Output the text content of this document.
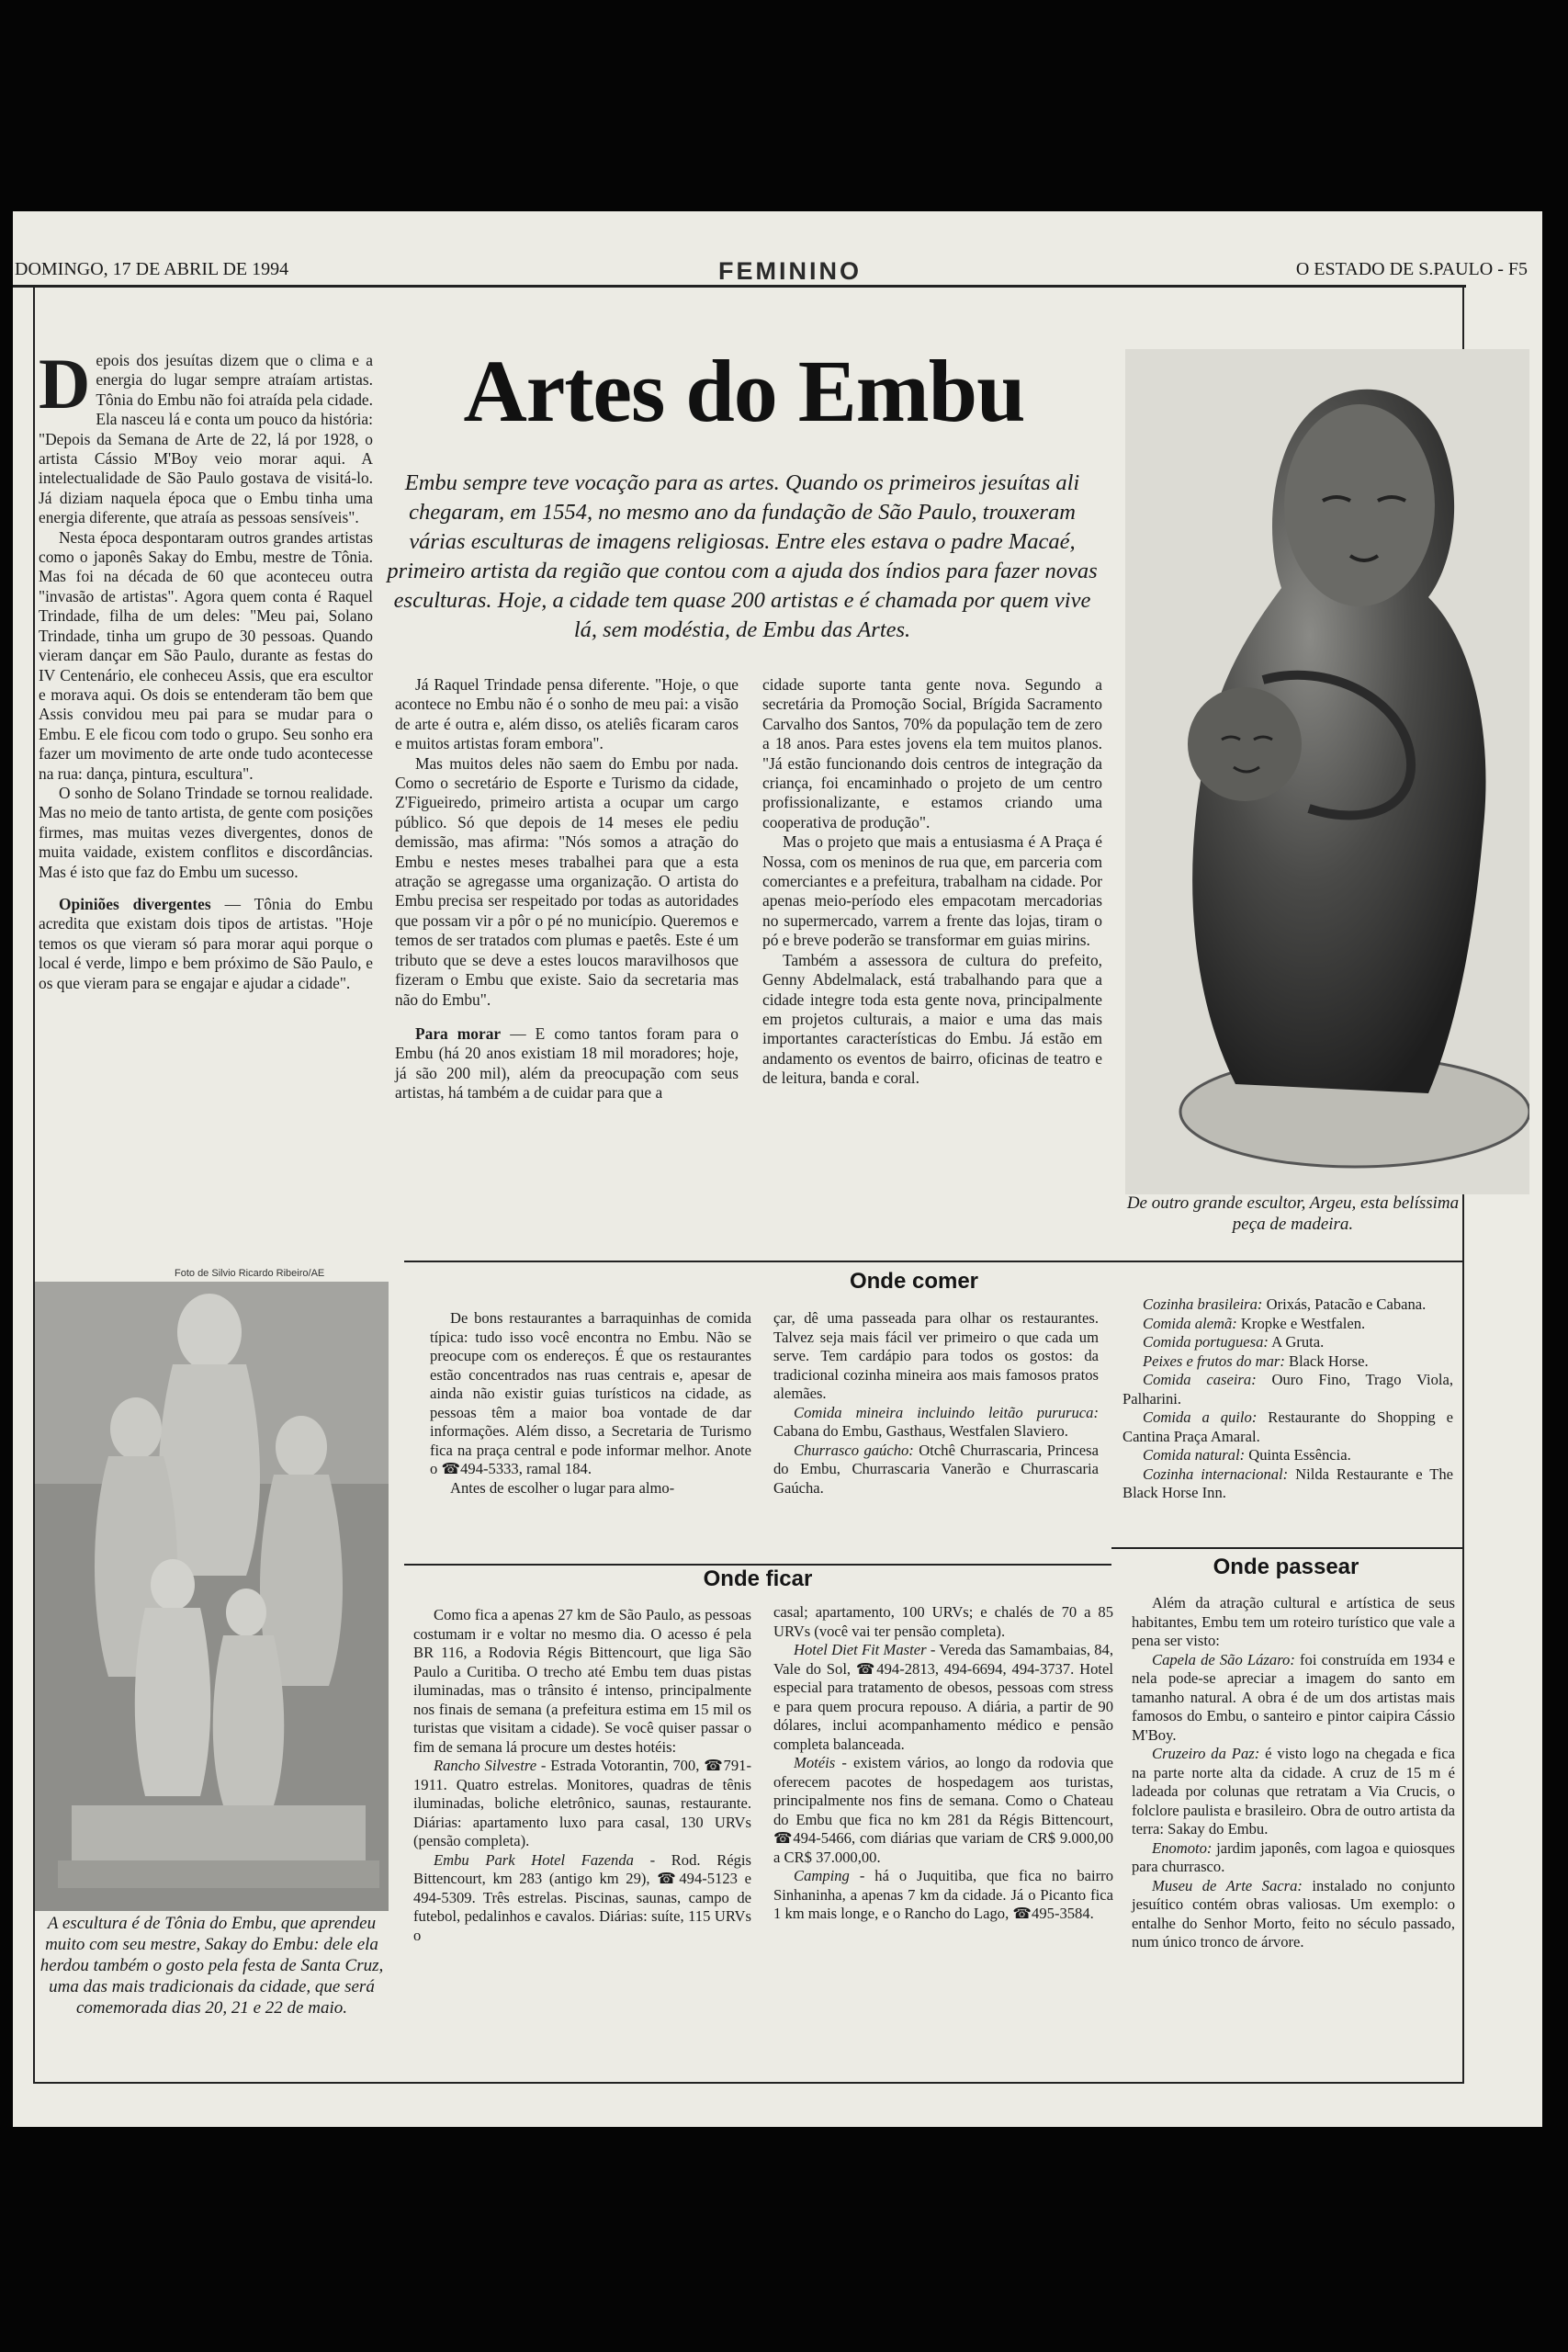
DOMINGO, 17 DE ABRIL DE 1994	FEMININO	O ESTADO DE S.PAULO - F5
Artes do Embu
Embu sempre teve vocação para as artes. Quando os primeiros jesuítas ali chegaram, em 1554, no mesmo ano da fundação de São Paulo, trouxeram várias esculturas de imagens religiosas. Entre eles estava o padre Macaé, primeiro artista da região que contou com a ajuda dos índios para fazer novas esculturas. Hoje, a cidade tem quase 200 artistas e é chamada por quem vive lá, sem modéstia, de Embu das Artes.

Depois dos jesuítas dizem que o clima e a energia do lugar sempre atraíam artistas. Tônia do Embu não foi atraída pela cidade. Ela nasceu lá e conta um pouco da história: "Depois da Semana de Arte de 22, lá por 1928, o artista Cássio M'Boy veio morar aqui. A intelectualidade de São Paulo gostava de visitá-lo. Já diziam naquela época que o Embu tinha uma energia diferente, que atraía as pessoas sensíveis".

Nesta época despontaram outros grandes artistas como o japonês Sakay do Embu, mestre de Tônia. Mas foi na década de 60 que aconteceu outra "invasão de artistas". Agora quem conta é Raquel Trindade, filha de um deles: "Meu pai, Solano Trindade, tinha um grupo de 30 pessoas. Quando vieram dançar em São Paulo, durante as festas do IV Centenário, ele conheceu Assis, que era escultor e morava aqui. Os dois se entenderam tão bem que Assis convidou meu pai para se mudar para o Embu. E ele ficou com todo o grupo. Seu sonho era fazer um movimento de arte onde tudo acontecesse na rua: dança, pintura, escultura".

O sonho de Solano Trindade se tornou realidade. Mas no meio de tanto artista, de gente com posições firmes, mas muitas vezes divergentes, donos de muita vaidade, existem conflitos e discordâncias. Mas é isto que faz do Embu um sucesso.

Opiniões divergentes — Tônia do Embu acredita que existam dois tipos de artistas. "Hoje temos os que vieram só para morar aqui porque o local é verde, limpo e bem próximo de São Paulo, e os que vieram para se engajar e ajudar a cidade".

Já Raquel Trindade pensa diferente. "Hoje, o que acontece no Embu não é o sonho de meu pai: a visão de arte é outra e, além disso, os ateliês ficaram caros e muitos artistas foram embora".

Mas muitos deles não saem do Embu por nada. Como o secretário de Esporte e Turismo da cidade, Z'Figueiredo, primeiro artista a ocupar um cargo público. Só que depois de 14 meses ele pediu demissão, mas afirma: "Nós somos a atração do Embu e nestes meses trabalhei para que a esta atração se agregasse uma organização. O artista do Embu precisa ser respeitado por todas as autoridades que possam vir a pôr o pé no município. Queremos e temos de ser tratados com plumas e paetês. Este é um tributo que se deve a estes loucos maravilhosos que fizeram o Embu que existe. Saio da secretaria mas não do Embu".

Para morar — E como tantos foram para o Embu (há 20 anos existiam 18 mil moradores; hoje, já são 200 mil), além da preocupação com seus artistas, há também a de cuidar para que a

cidade suporte tanta gente nova. Segundo a secretária da Promoção Social, Brígida Sacramento Carvalho dos Santos, 70% da população tem de zero a 18 anos. Para estes jovens ela tem muitos planos. "Já estão funcionando dois centros de integração da criança, foi encaminhado o projeto de um centro profissionalizante, e estamos criando uma cooperativa de produção".

Mas o projeto que mais a entusiasma é A Praça é Nossa, com os meninos de rua que, em parceria com comerciantes e a prefeitura, trabalham na cidade. Por apenas meio-período eles empacotam mercadorias no supermercado, varrem a frente das lojas, tiram o pó e breve poderão se transformar em guias mirins.

Também a assessora de cultura do prefeito, Genny Abdelmalack, está trabalhando para que a cidade integre toda esta gente nova, principalmente em projetos culturais, a maior e uma das mais importantes características do Embu. Já estão em andamento os eventos de bairro, oficinas de teatro e de leitura, banda e coral.

De outro grande escultor, Argeu, esta belíssima peça de madeira.
Foto de Silvio Ricardo Ribeiro/AE
A escultura é de Tônia do Embu, que aprendeu muito com seu mestre, Sakay do Embu: dele ela herdou também o gosto pela festa de Santa Cruz, uma das mais tradicionais da cidade, que será comemorada dias 20, 21 e 22 de maio.
Onde comer

De bons restaurantes a barraquinhas de comida típica: tudo isso você encontra no Embu. Não se preocupe com os endereços. É que os restaurantes estão concentrados nas ruas centrais e, apesar de ainda não existir guias turísticos na cidade, as pessoas têm a maior boa vontade de dar informações. Além disso, a Secretaria de Turismo fica na praça central e pode informar melhor. Anote o ☎494-5333, ramal 184.

Antes de escolher o lugar para almo-

çar, dê uma passeada para olhar os restaurantes. Talvez seja mais fácil ver primeiro o que cada um serve. Tem cardápio para todos os gostos: da tradicional cozinha mineira aos mais famosos pratos alemães.

Comida mineira incluindo leitão pururuca: Cabana do Embu, Gasthaus, Westfalen Slaviero.

Churrasco gaúcho: Otchê Churrascaria, Princesa do Embu, Churrascaria Vanerão e Churrascaria Gaúcha.

Cozinha brasileira: Orixás, Patacão e Cabana.

Comida alemã: Kropke e Westfalen.

Comida portuguesa: A Gruta.

Peixes e frutos do mar: Black Horse.

Comida caseira: Ouro Fino, Trago Viola, Palharini.

Comida a quilo: Restaurante do Shopping e Cantina Praça Amaral.

Comida natural: Quinta Essência.

Cozinha internacional: Nilda Restaurante e The Black Horse Inn.

Onde ficar

Como fica a apenas 27 km de São Paulo, as pessoas costumam ir e voltar no mesmo dia. O acesso é pela BR 116, a Rodovia Régis Bittencourt, que liga São Paulo a Curitiba. O trecho até Embu tem duas pistas iluminadas, mas o trânsito é intenso, principalmente nos finais de semana (a prefeitura estima em 15 mil os turistas que visitam a cidade). Se você quiser passar o fim de semana lá procure um destes hotéis:

Rancho Silvestre - Estrada Votorantin, 700, ☎791-1911. Quatro estrelas. Monitores, quadras de tênis iluminadas, boliche eletrônico, saunas, restaurante. Diárias: apartamento luxo para casal, 130 URVs (pensão completa).

Embu Park Hotel Fazenda - Rod. Régis Bittencourt, km 283 (antigo km 29), ☎494-5123 e 494-5309. Três estrelas. Piscinas, saunas, campo de futebol, pedalinhos e cavalos. Diárias: suíte, 115 URVs o

casal; apartamento, 100 URVs; e chalés de 70 a 85 URVs (você vai ter pensão completa).

Hotel Diet Fit Master - Vereda das Samambaias, 84, Vale do Sol, ☎494-2813, 494-6694, 494-3737. Hotel especial para tratamento de obesos, pessoas com stress e para quem procura repouso. A diária, a partir de 90 dólares, inclui acompanhamento médico e pensão completa balanceada.

Motéis - existem vários, ao longo da rodovia que oferecem pacotes de hospedagem aos turistas, principalmente nos fins de semana. Como o Chateau do Embu que fica no km 281 da Régis Bittencourt, ☎494-5466, com diárias que variam de CR$ 9.000,00 a CR$ 37.000,00.

Camping - há o Juquitiba, que fica no bairro Sinhaninha, a apenas 7 km da cidade. Já o Picanto fica 1 km mais longe, e o Rancho do Lago, ☎495-3584.

Onde passear

Além da atração cultural e artística de seus habitantes, Embu tem um roteiro turístico que vale a pena ser visto:

Capela de São Lázaro: foi construída em 1934 e nela pode-se apreciar a imagem do santo em tamanho natural. A obra é de um dos artistas mais famosos do Embu, o santeiro e pintor caipira Cássio M'Boy.

Cruzeiro da Paz: é visto logo na chegada e fica na parte norte alta da cidade. A cruz de 15 m é ladeada por colunas que retratam a Via Crucis, o folclore paulista e brasileiro. Obra de outro artista da terra: Sakay do Embu.

Enomoto: jardim japonês, com lagoa e quiosques para churrasco.

Museu de Arte Sacra: instalado no conjunto jesuítico contém obras valiosas. Um exemplo: o entalhe do Senhor Morto, feito no século passado, num único tronco de árvore.
